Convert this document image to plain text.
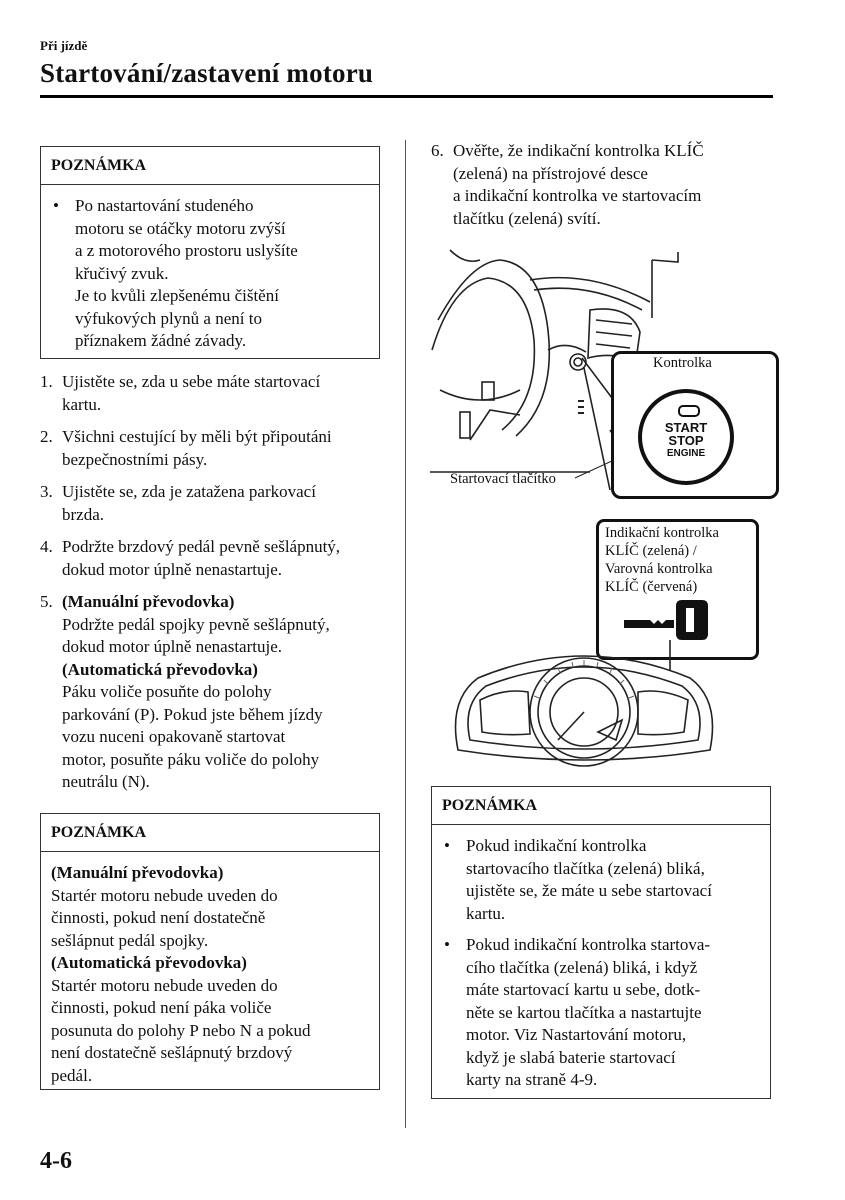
Při jízdě
Startování/zastavení motoru
POZNÁMKA
• Po nastartování studeného
motoru se otáčky motoru zvýší
a z motorového prostoru uslyšíte
křučivý zvuk.
Je to kvůli zlepšenému čištění
výfukových plynů a není to
příznakem žádné závady.
1. Ujistěte se, zda u sebe máte startovací
kartu.
2. Všichni cestující by měli být připoutáni
bezpečnostními pásy.
3. Ujistěte se, zda je zatažena parkovací
brzda.
4. Podržte brzdový pedál pevně sešlápnutý,
dokud motor úplně nenastartuje.
5. (Manuální převodovka)
Podržte pedál spojky pevně sešlápnutý,
dokud motor úplně nenastartuje.
(Automatická převodovka)
Páku voliče posuňte do polohy
parkování (P). Pokud jste během jízdy
vozu nuceni opakovaně startovat
motor, posuňte páku voliče do polohy
neutrálu (N).
POZNÁMKA
(Manuální převodovka)
Startér motoru nebude uveden do
činnosti, pokud není dostatečně
sešlápnut pedál spojky.
(Automatická převodovka)
Startér motoru nebude uveden do
činnosti, pokud není páka voliče
posunuta do polohy P nebo N a pokud
není dostatečně sešlápnutý brzdový
pedál.
6. Ověřte, že indikační kontrolka KLÍČ
(zelená) na přístrojové desce
a indikační kontrolka ve startovacím
tlačítku (zelená) svítí.
Kontrolka
START
STOP
ENGINE
Startovací tlačítko
Indikační kontrolka
KLÍČ (zelená) /
Varovná kontrolka
KLÍČ (červená)
POZNÁMKA
• Pokud indikační kontrolka
startovacího tlačítka (zelená) bliká,
ujistěte se, že máte u sebe startovací
kartu.
• Pokud indikační kontrolka startova-
cího tlačítka (zelená) bliká, i když
máte startovací kartu u sebe, dotk-
něte se kartou tlačítka a nastartujte
motor. Viz Nastartování motoru,
když je slabá baterie startovací
karty na straně 4-9.
4-6
